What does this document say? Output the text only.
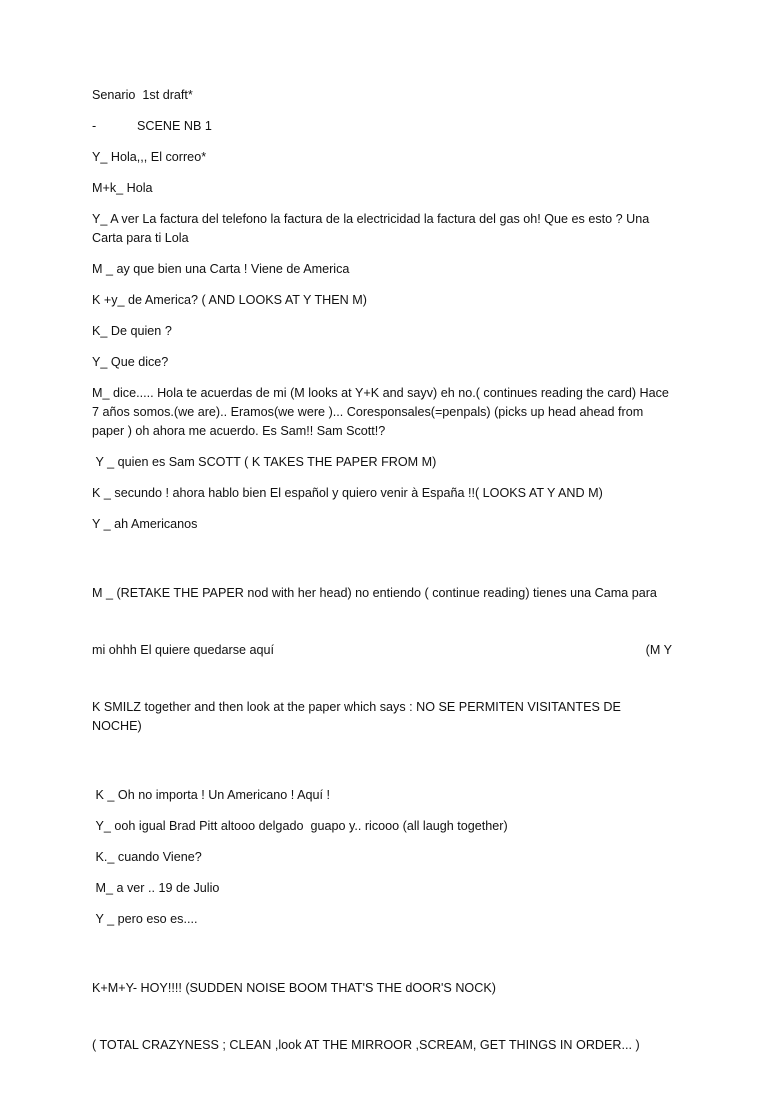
Senario  1st draft*

-	SCENE NB 1

Y_ Hola,,, El correo*

M+k_ Hola

Y_ A ver La factura del telefono la factura de la electricidad la factura del gas oh! Que es esto ? Una Carta para ti Lola

M _ ay que bien una Carta ! Viene de America

K +y_ de America? ( AND LOOKS AT Y THEN M)

K_ De quien ?

Y_ Que dice?

M_ dice..... Hola te acuerdas de mi (M looks at Y+K and sayv) eh no.( continues reading the card) Hace 7 años somos.(we are).. Eramos(we were )... Coresponsales(=penpals) (picks up head ahead from paper ) oh ahora me acuerdo. Es Sam!! Sam Scott!?

Y _ quien es Sam SCOTT ( K TAKES THE PAPER FROM M)

K _ secundo ! ahora hablo bien El español y quiero venir à España !!( LOOKS AT Y AND M)

Y _ ah Americanos

M _ (RETAKE THE PAPER nod with her head) no entiendo ( continue reading) tienes una Cama para

mi ohhh El quiere quedarse aquí	(M Y

K SMILZ together and then look at the paper which says : NO SE PERMITEN VISITANTES DE NOCHE)

K _ Oh no importa ! Un Americano ! Aquí !

Y_ ooh igual Brad Pitt altooo delgado  guapo y.. ricooo (all laugh together)

K._ cuando Viene?

M_ a ver .. 19 de Julio

Y _ pero eso es....

K+M+Y- HOY!!!! (SUDDEN NOISE BOOM THAT'S THE dOOR'S NOCK)

( TOTAL CRAZYNESS ; CLEAN ,look AT THE MIRROOR ,SCREAM, GET THINGS IN ORDER... )
